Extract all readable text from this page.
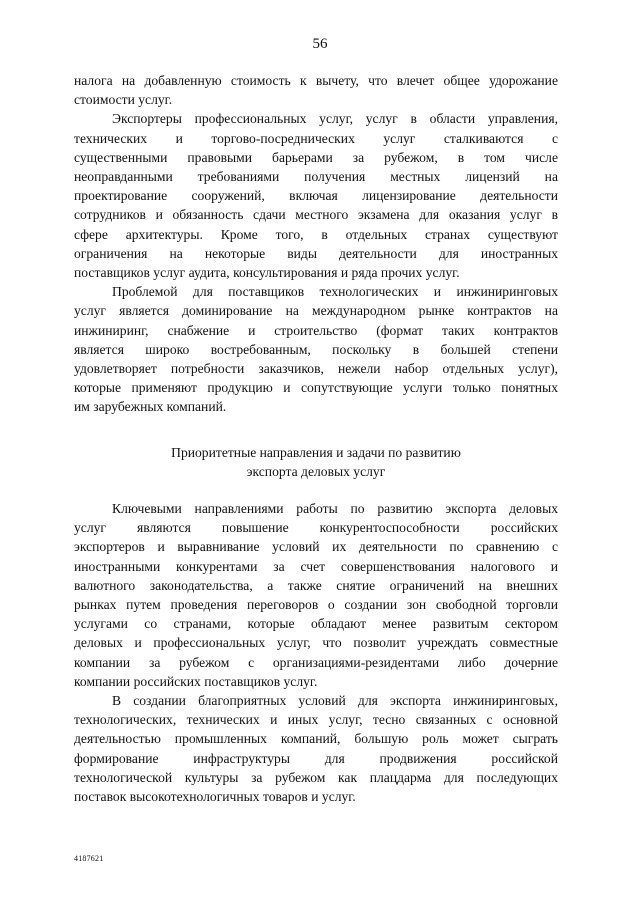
56
налога на добавленную стоимость к вычету, что влечет общее удорожание
стоимости услуг.
Экспортеры профессиональных услуг, услуг в области управления,
технических и торгово-посреднических услуг сталкиваются с
существенными правовыми барьерами за рубежом, в том числе
неоправданными требованиями получения местных лицензий на
проектирование сооружений, включая лицензирование деятельности
сотрудников и обязанность сдачи местного экзамена для оказания услуг в
сфере архитектуры. Кроме того, в отдельных странах существуют
ограничения на некоторые виды деятельности для иностранных
поставщиков услуг аудита, консультирования и ряда прочих услуг.
Проблемой для поставщиков технологических и инжиниринговых
услуг является доминирование на международном рынке контрактов на
инжиниринг, снабжение и строительство (формат таких контрактов
является широко востребованным, поскольку в большей степени
удовлетворяет потребности заказчиков, нежели набор отдельных услуг),
которые применяют продукцию и сопутствующие услуги только понятных
им зарубежных компаний.
Приоритетные направления и задачи по развитию
экспорта деловых услуг
Ключевыми направлениями работы по развитию экспорта деловых
услуг являются повышение конкурентоспособности российских
экспортеров и выравнивание условий их деятельности по сравнению с
иностранными конкурентами за счет совершенствования налогового и
валютного законодательства, а также снятие ограничений на внешних
рынках путем проведения переговоров о создании зон свободной торговли
услугами со странами, которые обладают менее развитым сектором
деловых и профессиональных услуг, что позволит учреждать совместные
компании за рубежом с организациями-резидентами либо дочерние
компании российских поставщиков услуг.
В создании благоприятных условий для экспорта инжиниринговых,
технологических, технических и иных услуг, тесно связанных с основной
деятельностью промышленных компаний, большую роль может сыграть
формирование инфраструктуры для продвижения российской
технологической культуры за рубежом как плацдарма для последующих
поставок высокотехнологичных товаров и услуг.
4187621
